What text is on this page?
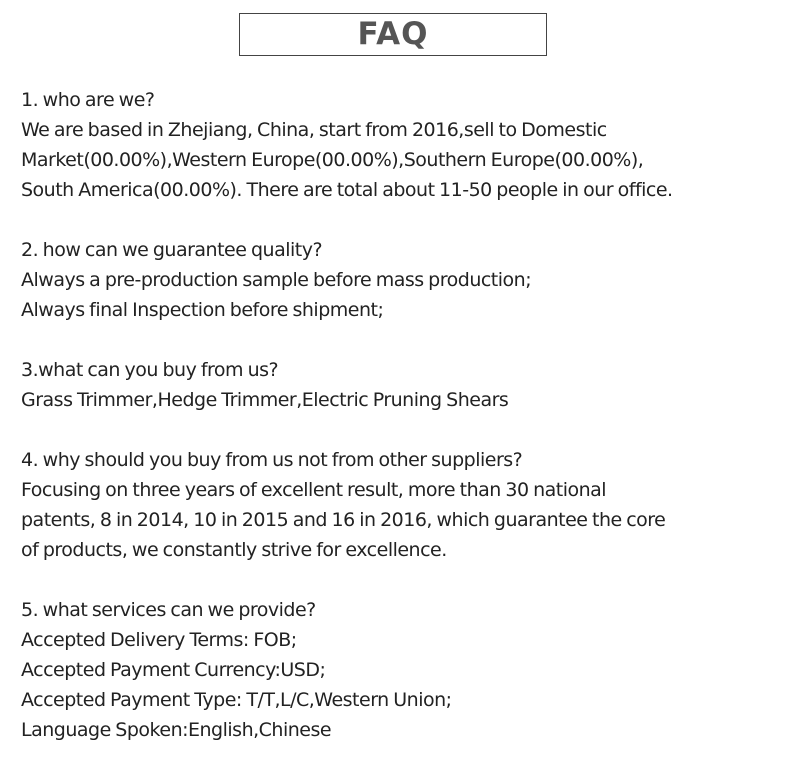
FAQ
1. who are we?
We are based in Zhejiang, China, start from 2016,sell to Domestic
Market(00.00%),Western Europe(00.00%),Southern Europe(00.00%),
South America(00.00%). There are total about 11-50 people in our office.
2. how can we guarantee quality?
Always a pre-production sample before mass production;
Always final Inspection before shipment;
3.what can you buy from us?
Grass Trimmer,Hedge Trimmer,Electric Pruning Shears
4. why should you buy from us not from other suppliers?
Focusing on three years of excellent result, more than 30 national
patents, 8 in 2014, 10 in 2015 and 16 in 2016, which guarantee the core
of products, we constantly strive for excellence.
5. what services can we provide?
Accepted Delivery Terms: FOB;
Accepted Payment Currency:USD;
Accepted Payment Type: T/T,L/C,Western Union;
Language Spoken:English,Chinese
